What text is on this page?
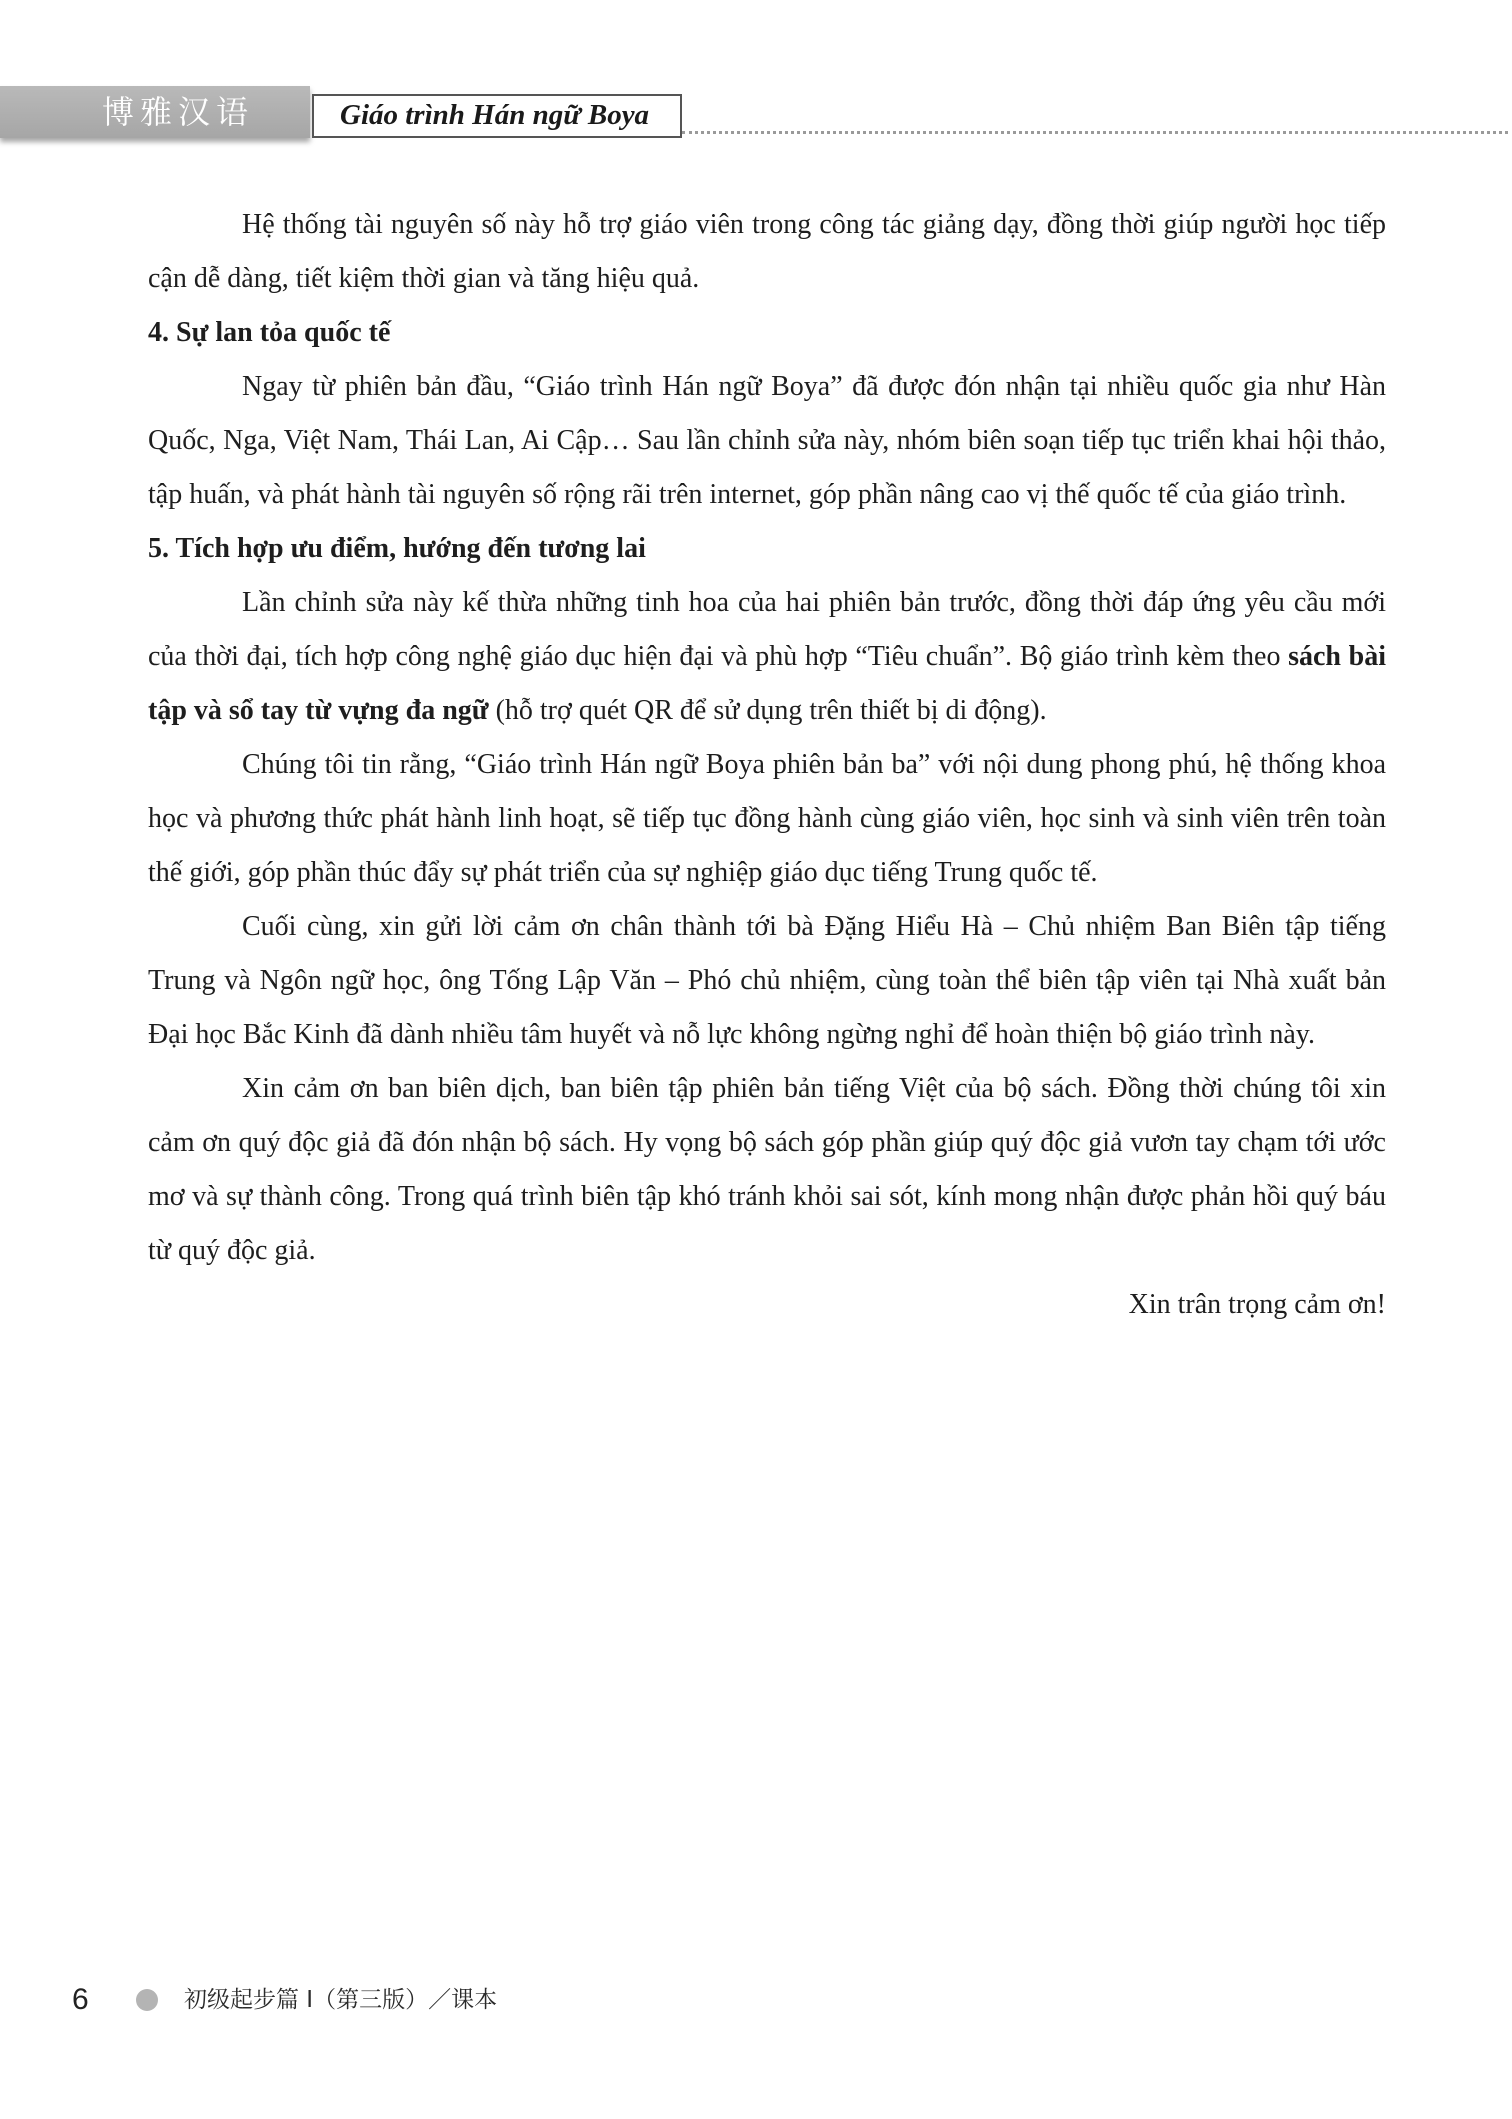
博雅汉语	Giáo trình Hán ngữ Boya

Hệ thống tài nguyên số này hỗ trợ giáo viên trong công tác giảng dạy, đồng thời giúp người học tiếp cận dễ dàng, tiết kiệm thời gian và tăng hiệu quả.

4. Sự lan tỏa quốc tế

Ngay từ phiên bản đầu, “Giáo trình Hán ngữ Boya” đã được đón nhận tại nhiều quốc gia như Hàn Quốc, Nga, Việt Nam, Thái Lan, Ai Cập… Sau lần chỉnh sửa này, nhóm biên soạn tiếp tục triển khai hội thảo, tập huấn, và phát hành tài nguyên số rộng rãi trên internet, góp phần nâng cao vị thế quốc tế của giáo trình.

5. Tích hợp ưu điểm, hướng đến tương lai

Lần chỉnh sửa này kế thừa những tinh hoa của hai phiên bản trước, đồng thời đáp ứng yêu cầu mới của thời đại, tích hợp công nghệ giáo dục hiện đại và phù hợp “Tiêu chuẩn”. Bộ giáo trình kèm theo sách bài tập và sổ tay từ vựng đa ngữ (hỗ trợ quét QR để sử dụng trên thiết bị di động).

Chúng tôi tin rằng, “Giáo trình Hán ngữ Boya phiên bản ba” với nội dung phong phú, hệ thống khoa học và phương thức phát hành linh hoạt, sẽ tiếp tục đồng hành cùng giáo viên, học sinh và sinh viên trên toàn thế giới, góp phần thúc đẩy sự phát triển của sự nghiệp giáo dục tiếng Trung quốc tế.

Cuối cùng, xin gửi lời cảm ơn chân thành tới bà Đặng Hiểu Hà – Chủ nhiệm Ban Biên tập tiếng Trung và Ngôn ngữ học, ông Tống Lập Văn – Phó chủ nhiệm, cùng toàn thể biên tập viên tại Nhà xuất bản Đại học Bắc Kinh đã dành nhiều tâm huyết và nỗ lực không ngừng nghỉ để hoàn thiện bộ giáo trình này.

Xin cảm ơn ban biên dịch, ban biên tập phiên bản tiếng Việt của bộ sách. Đồng thời chúng tôi xin cảm ơn quý độc giả đã đón nhận bộ sách. Hy vọng bộ sách góp phần giúp quý độc giả vươn tay chạm tới ước mơ và sự thành công. Trong quá trình biên tập khó tránh khỏi sai sót, kính mong nhận được phản hồi quý báu từ quý độc giả.

Xin trân trọng cảm ơn!

6	初级起步篇 I（第三版）／课本
